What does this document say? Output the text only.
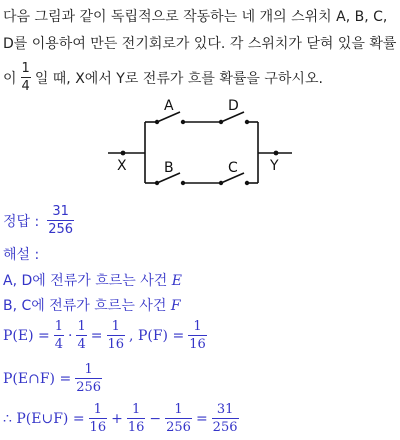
다음 그림과 같이 독립적으로 작동하는 네 개의 스위치 A, B, C,
D를 이용하여 만든 전기회로가 있다. 각 스위치가 닫혀 있을 확률
이 $\frac{1}{4}$ 일 때, X에서 Y로 전류가 흐를 확률을 구하시오.
A	D
B	C
X	Y
정답 : $\frac{31}{256}$
해설 :
A, D에 전류가 흐르는 사건 E
B, C에 전류가 흐르는 사건 F
$P(E) = \frac{1}{4} \cdot \frac{1}{4} = \frac{1}{16}$ , $P(F) = \frac{1}{16}$
P(E∩F) = $\frac{1}{256}$
∴ P(E∪F) = $\frac{1}{16} + \frac{1}{16} - \frac{1}{256} = \frac{31}{256}$
